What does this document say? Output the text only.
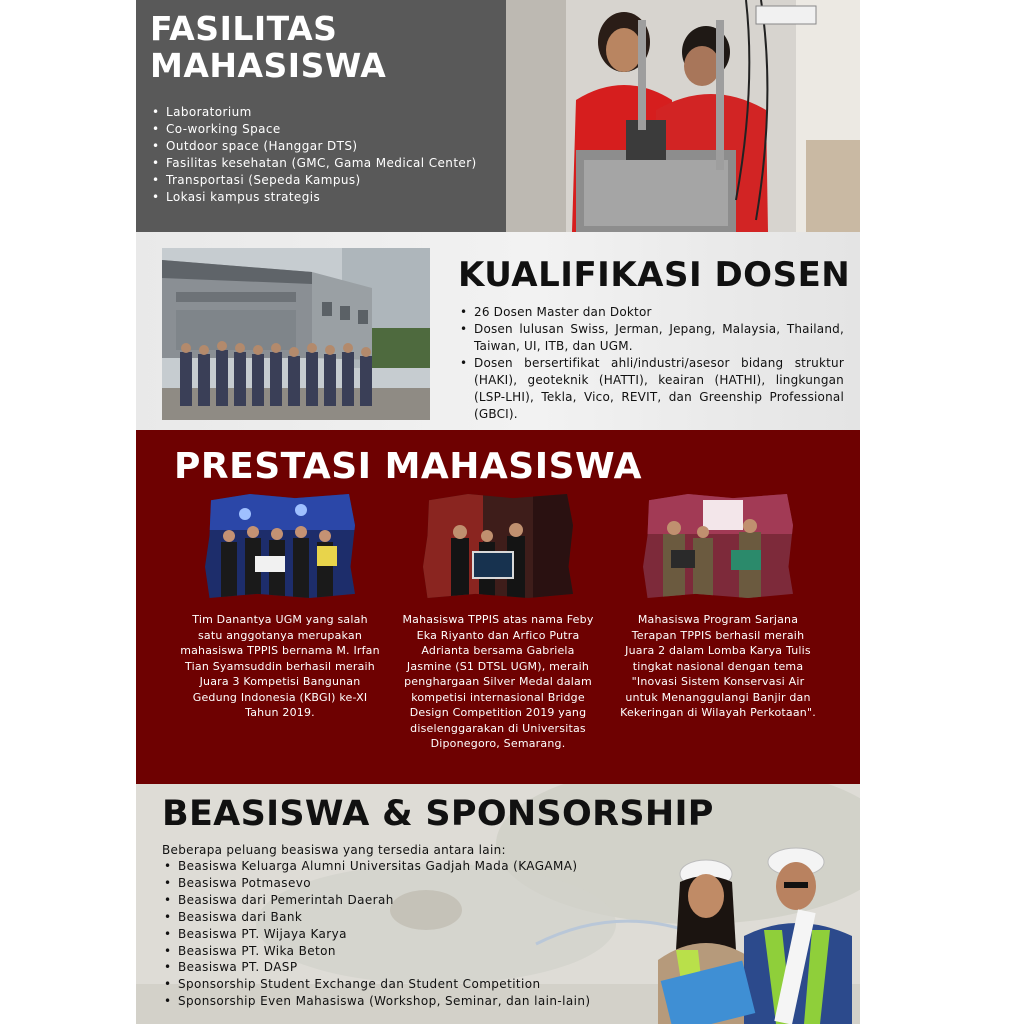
FASILITAS
MAHASISWA
• Laboratorium
• Co-working Space
• Outdoor space (Hanggar DTS)
• Fasilitas kesehatan (GMC, Gama Medical Center)
• Transportasi (Sepeda Kampus)
• Lokasi kampus strategis
KUALIFIKASI DOSEN
• 26 Dosen Master dan Doktor
• Dosen lulusan Swiss, Jerman, Jepang, Malaysia, Thailand, Taiwan, UI, ITB, dan UGM.
• Dosen bersertifikat ahli/industri/asesor bidang struktur (HAKI), geoteknik (HATTI), keairan (HATHI), lingkungan (LSP-LHI), Tekla, Vico, REVIT, dan Greenship Professional (GBCI).
PRESTASI MAHASISWA

Tim Danantya UGM yang salah satu anggotanya merupakan mahasiswa TPPIS bernama M. Irfan Tian Syamsuddin berhasil meraih Juara 3 Kompetisi Bangunan Gedung Indonesia (KBGI) ke-XI Tahun 2019.

Mahasiswa TPPIS atas nama Feby Eka Riyanto dan Arfico Putra Adrianta bersama Gabriela Jasmine (S1 DTSL UGM), meraih penghargaan Silver Medal dalam kompetisi internasional Bridge Design Competition 2019 yang diselenggarakan di Universitas Diponegoro, Semarang.

Mahasiswa Program Sarjana Terapan TPPIS berhasil meraih Juara 2 dalam Lomba Karya Tulis tingkat nasional dengan tema "Inovasi Sistem Konservasi Air untuk Menanggulangi Banjir dan Kekeringan di Wilayah Perkotaan".

BEASISWA & SPONSORSHIP

Beberapa peluang beasiswa yang tersedia antara lain:

• Beasiswa Keluarga Alumni Universitas Gadjah Mada (KAGAMA)
• Beasiswa Potmasevo
• Beasiswa dari Pemerintah Daerah
• Beasiswa dari Bank
• Beasiswa PT. Wijaya Karya
• Beasiswa PT. Wika Beton
• Beasiswa PT. DASP
• Sponsorship Student Exchange dan Student Competition
• Sponsorship Even Mahasiswa (Workshop, Seminar, dan lain-lain)
